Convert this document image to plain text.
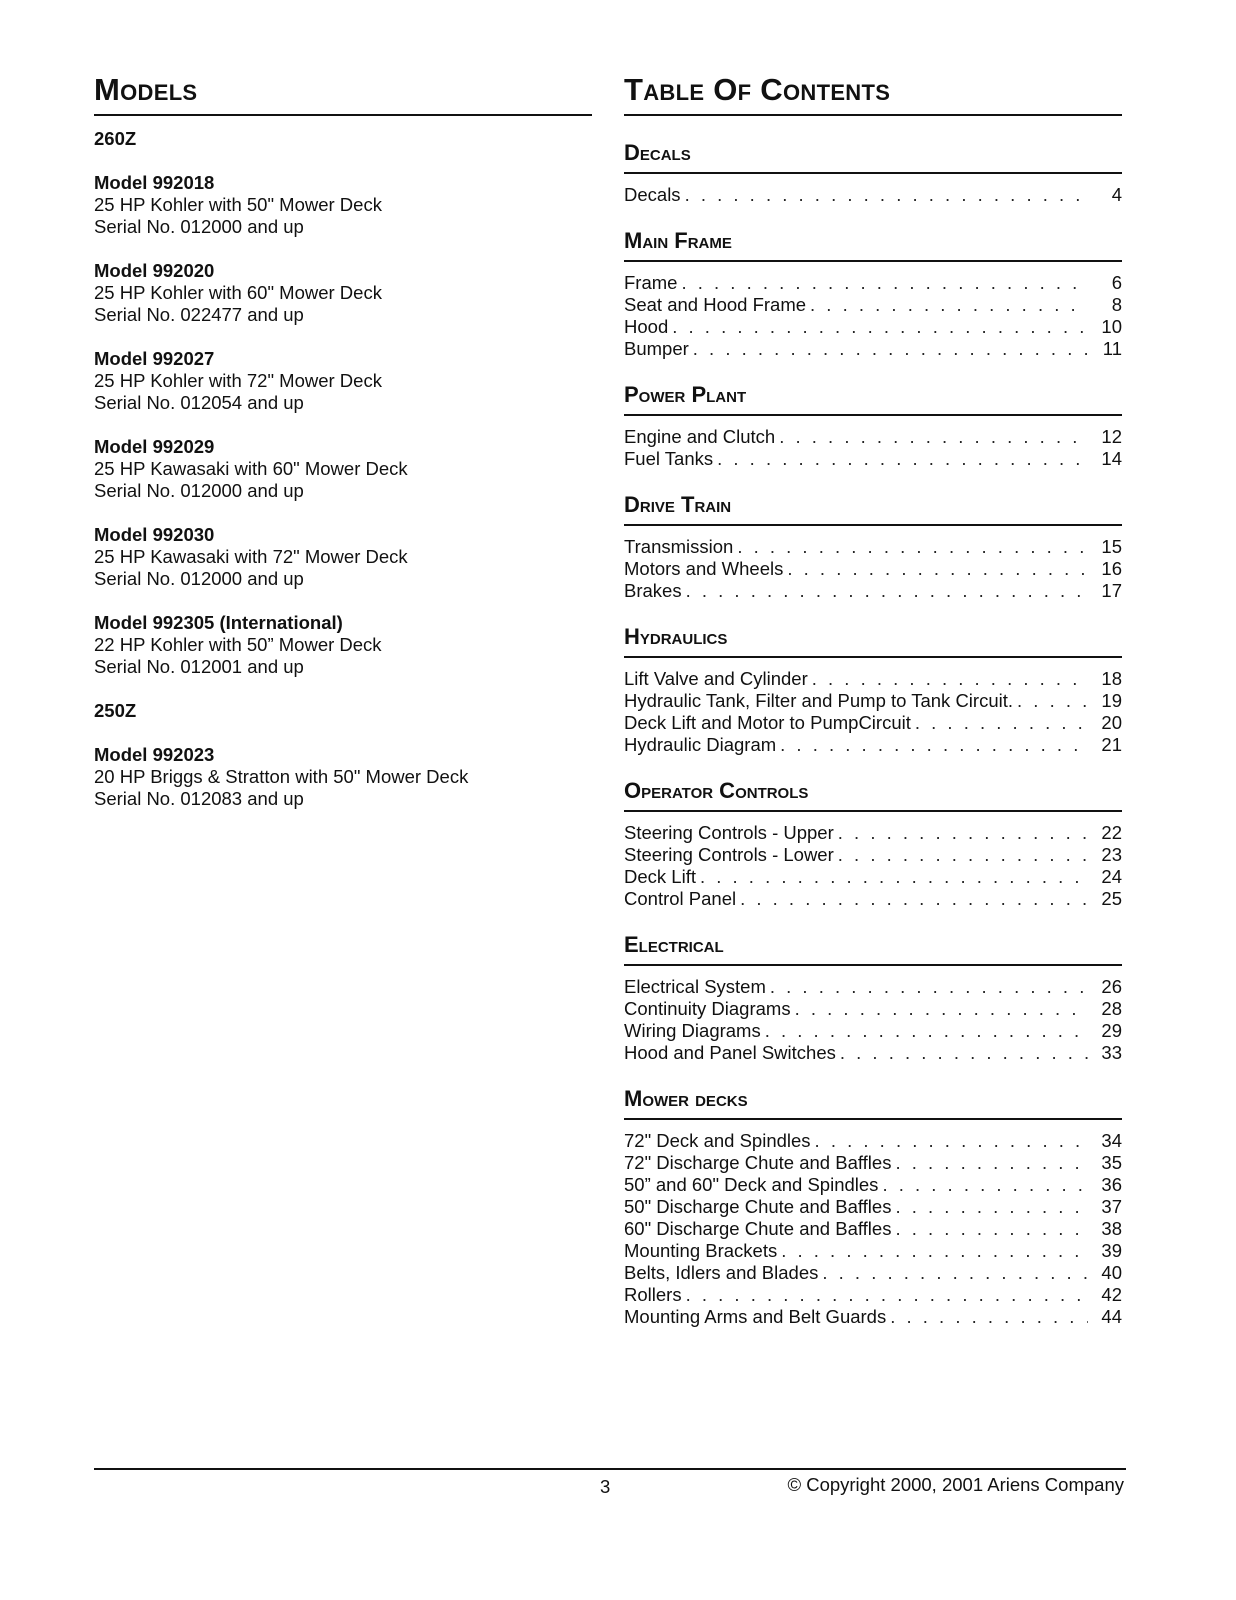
Models
260Z
Model 992018
25 HP Kohler with 50" Mower Deck
Serial No. 012000 and up
Model 992020
25 HP Kohler with 60" Mower Deck
Serial No. 022477 and up
Model 992027
25 HP Kohler with 72" Mower Deck
Serial No. 012054 and up
Model 992029
25 HP Kawasaki with 60" Mower Deck
Serial No. 012000 and up
Model 992030
25 HP Kawasaki with 72" Mower Deck
Serial No. 012000 and up
Model 992305 (International)
22 HP Kohler with 50” Mower Deck
Serial No. 012001 and up
250Z
Model 992023
20 HP Briggs & Stratton with 50" Mower Deck
Serial No. 012083 and up
Table Of Contents
Decals
Decals . . .	4
Main Frame
Frame . . .	6
Seat and Hood Frame . . .	8
Hood . . .	10
Bumper . . .	11
Power Plant
Engine and Clutch . . .	12
Fuel Tanks . . .	14
Drive Train
Transmission . . .	15
Motors and Wheels . . .	16
Brakes . . .	17
Hydraulics
Lift Valve and Cylinder . . .	18
Hydraulic Tank, Filter and Pump to Tank Circuit. . . .	19
Deck Lift and Motor to PumpCircuit . . .	20
Hydraulic Diagram . . .	21
Operator Controls
Steering Controls - Upper . . .	22
Steering Controls - Lower . . .	23
Deck Lift . . .	24
Control Panel . . .	25
Electrical
Electrical System . . .	26
Continuity Diagrams . . .	28
Wiring Diagrams . . .	29
Hood and Panel Switches . . .	33
Mower decks
72" Deck and Spindles . . .	34
72" Discharge Chute and Baffles . . .	35
50” and 60" Deck and Spindles . . .	36
50" Discharge Chute and Baffles . . .	37
60" Discharge Chute and Baffles . . .	38
Mounting Brackets . . .	39
Belts, Idlers and Blades . . .	40
Rollers . . .	42
Mounting Arms and Belt Guards . . .	44
3	© Copyright 2000, 2001 Ariens Company
